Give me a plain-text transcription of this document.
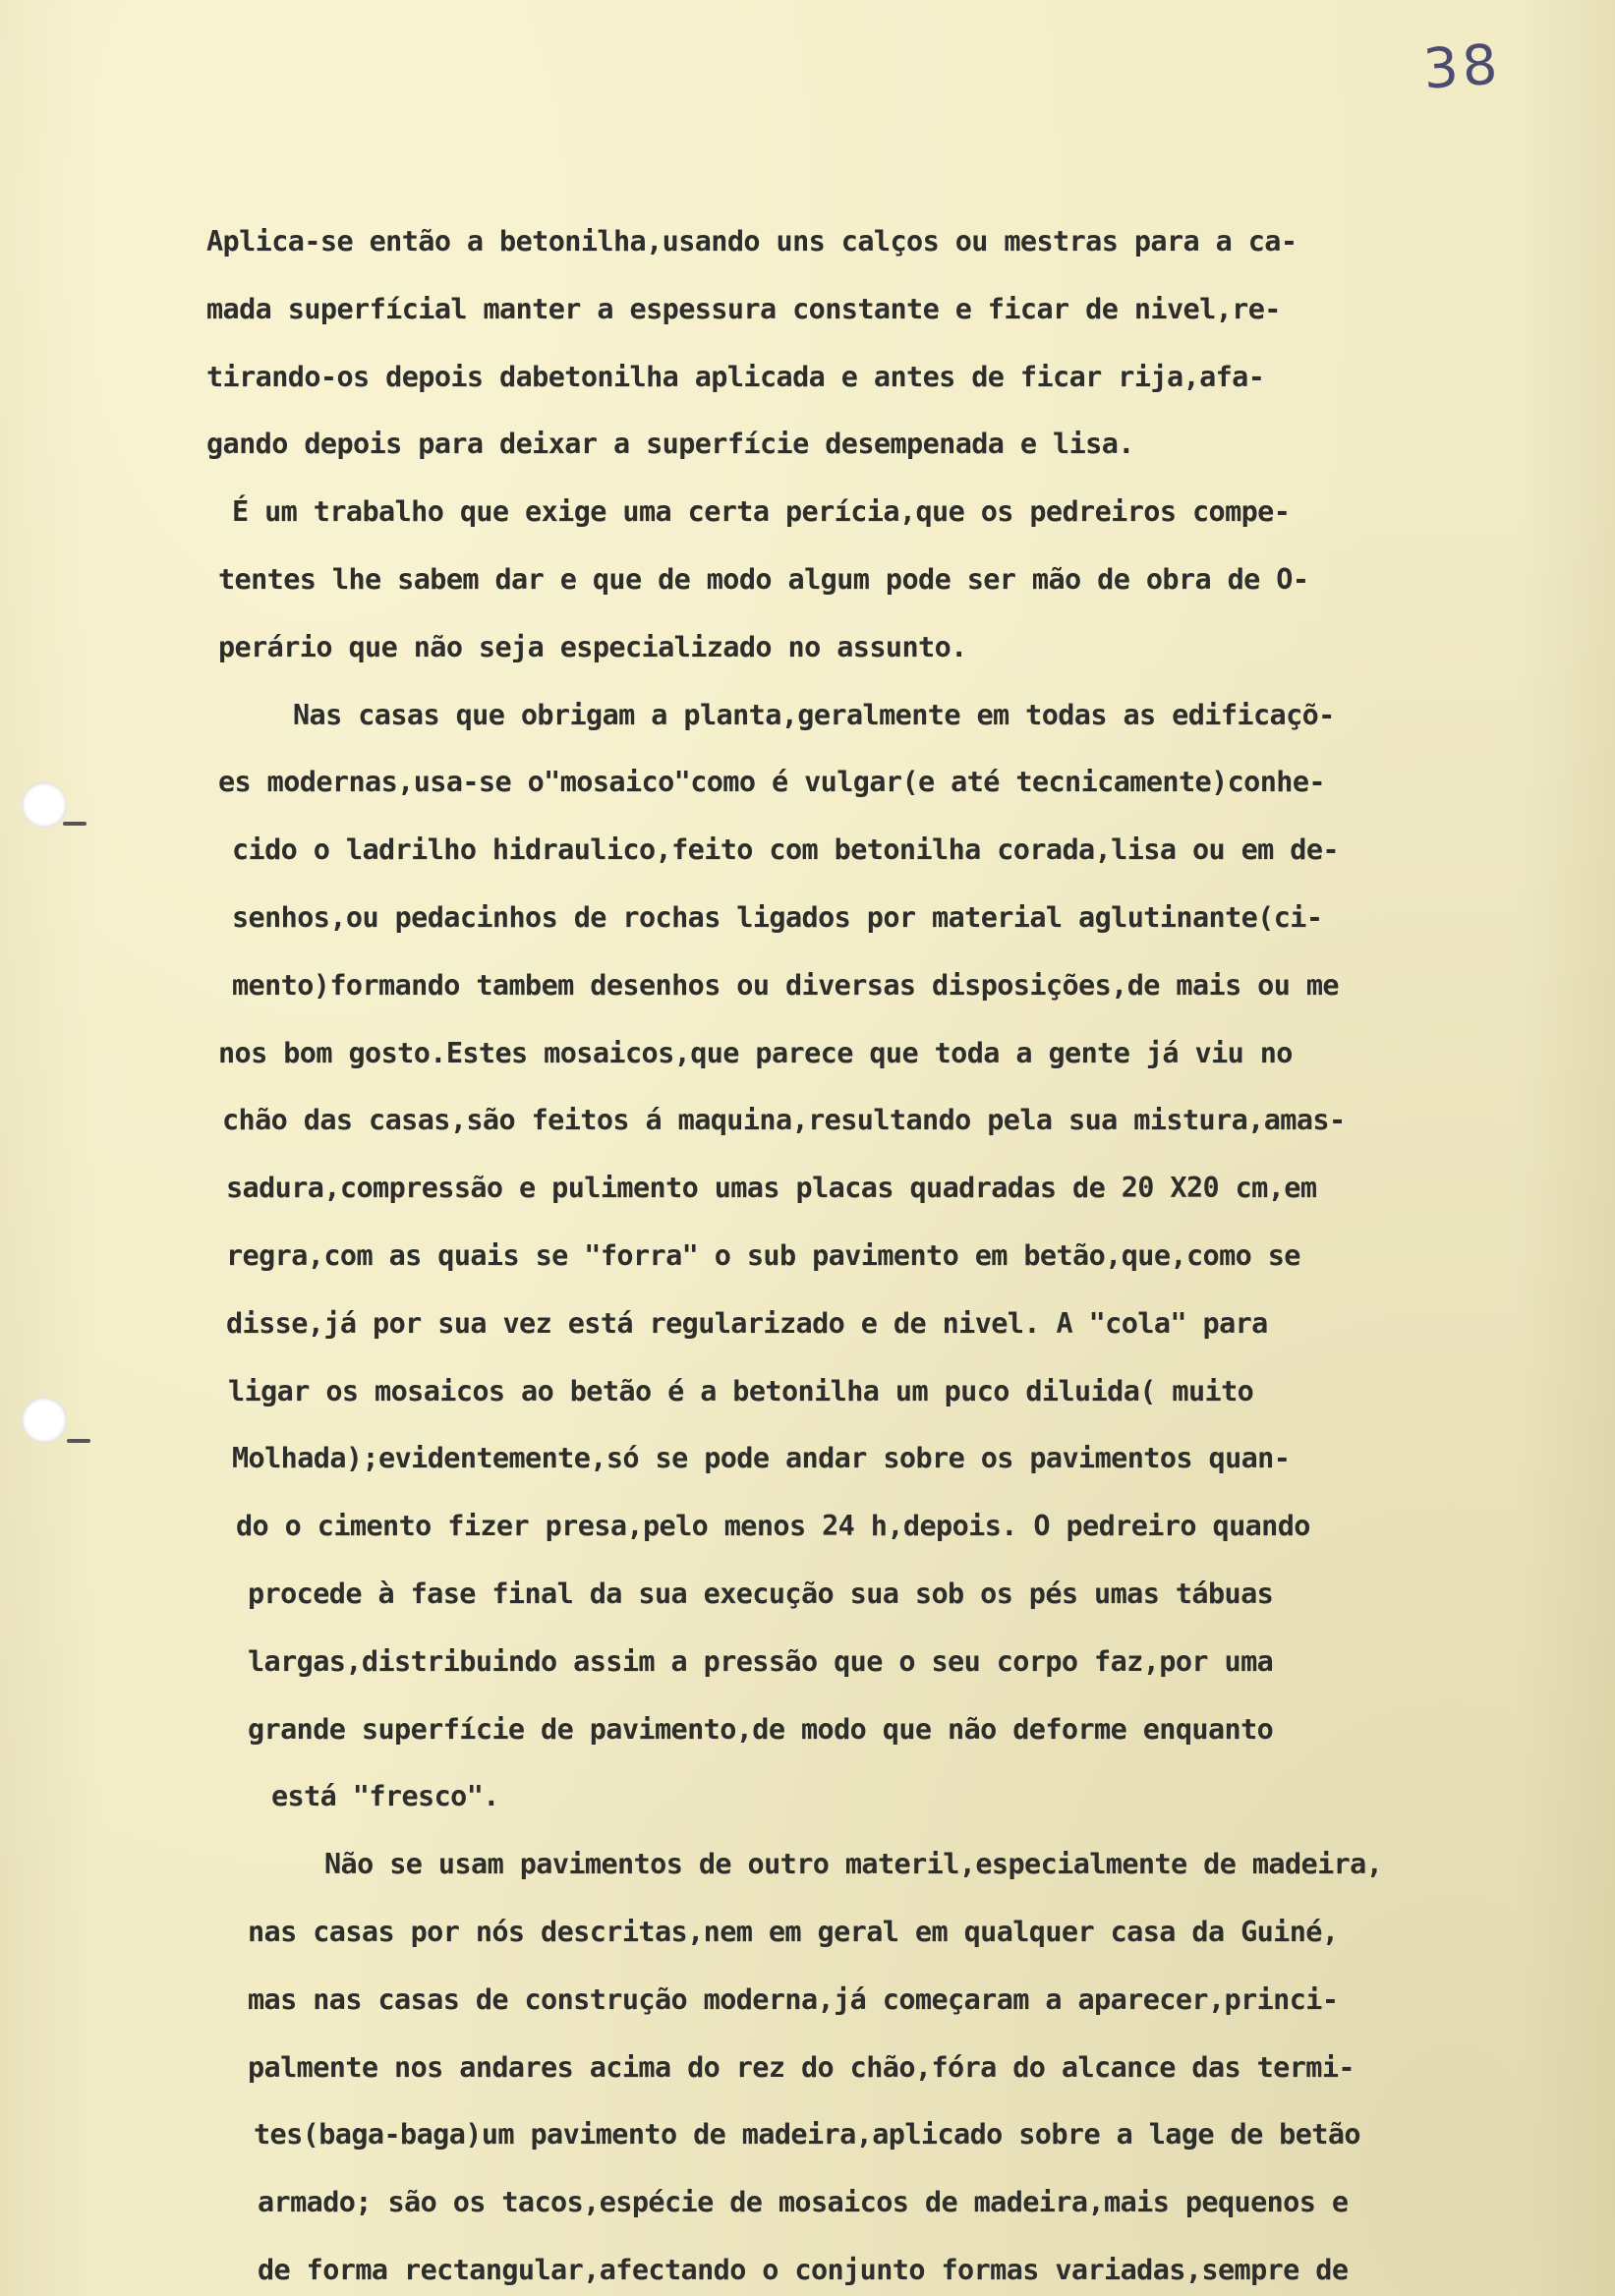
38
Aplica-se então a betonilha,usando uns calços ou mestras para a ca-
mada superfícial manter a espessura constante e ficar de nivel,re-
tirando-os depois dabetonilha aplicada e antes de ficar rija,afa-
gando depois para deixar a superfície desempenada e lisa.
É um trabalho que exige uma certa perícia,que os pedreiros compe-
tentes lhe sabem dar e que de modo algum pode ser mão de obra de O-
perário que não seja especializado no assunto.
Nas casas que obrigam a planta,geralmente em todas as edificaçõ-
es modernas,usa-se o"mosaico"como é vulgar(e até tecnicamente)conhe-
cido o ladrilho hidraulico,feito com betonilha corada,lisa ou em de-
senhos,ou pedacinhos de rochas ligados por material aglutinante(ci-
mento)formando tambem desenhos ou diversas disposições,de mais ou me
nos bom gosto.Estes mosaicos,que parece que toda a gente já viu no
chão das casas,são feitos á maquina,resultando pela sua mistura,amas-
sadura,compressão e pulimento umas placas quadradas de 20 X20 cm,em
regra,com as quais se "forra" o sub pavimento em betão,que,como se
disse,já por sua vez está regularizado e de nivel. A "cola" para
ligar os mosaicos ao betão é a betonilha um puco diluida( muito
Molhada);evidentemente,só se pode andar sobre os pavimentos quan-
do o cimento fizer presa,pelo menos 24 h,depois. O pedreiro quando
procede à fase final da sua execução sua sob os pés umas tábuas
largas,distribuindo assim a pressão que o seu corpo faz,por uma
grande superfície de pavimento,de modo que não deforme enquanto
está "fresco".
Não se usam pavimentos de outro materil,especialmente de madeira,
nas casas por nós descritas,nem em geral em qualquer casa da Guiné,
mas nas casas de construção moderna,já começaram a aparecer,princi-
palmente nos andares acima do rez do chão,fóra do alcance das termi-
tes(baga-baga)um pavimento de madeira,aplicado sobre a lage de betão
armado; são os tacos,espécie de mosaicos de madeira,mais pequenos e
de forma rectangular,afectando o conjunto formas variadas,sempre de
